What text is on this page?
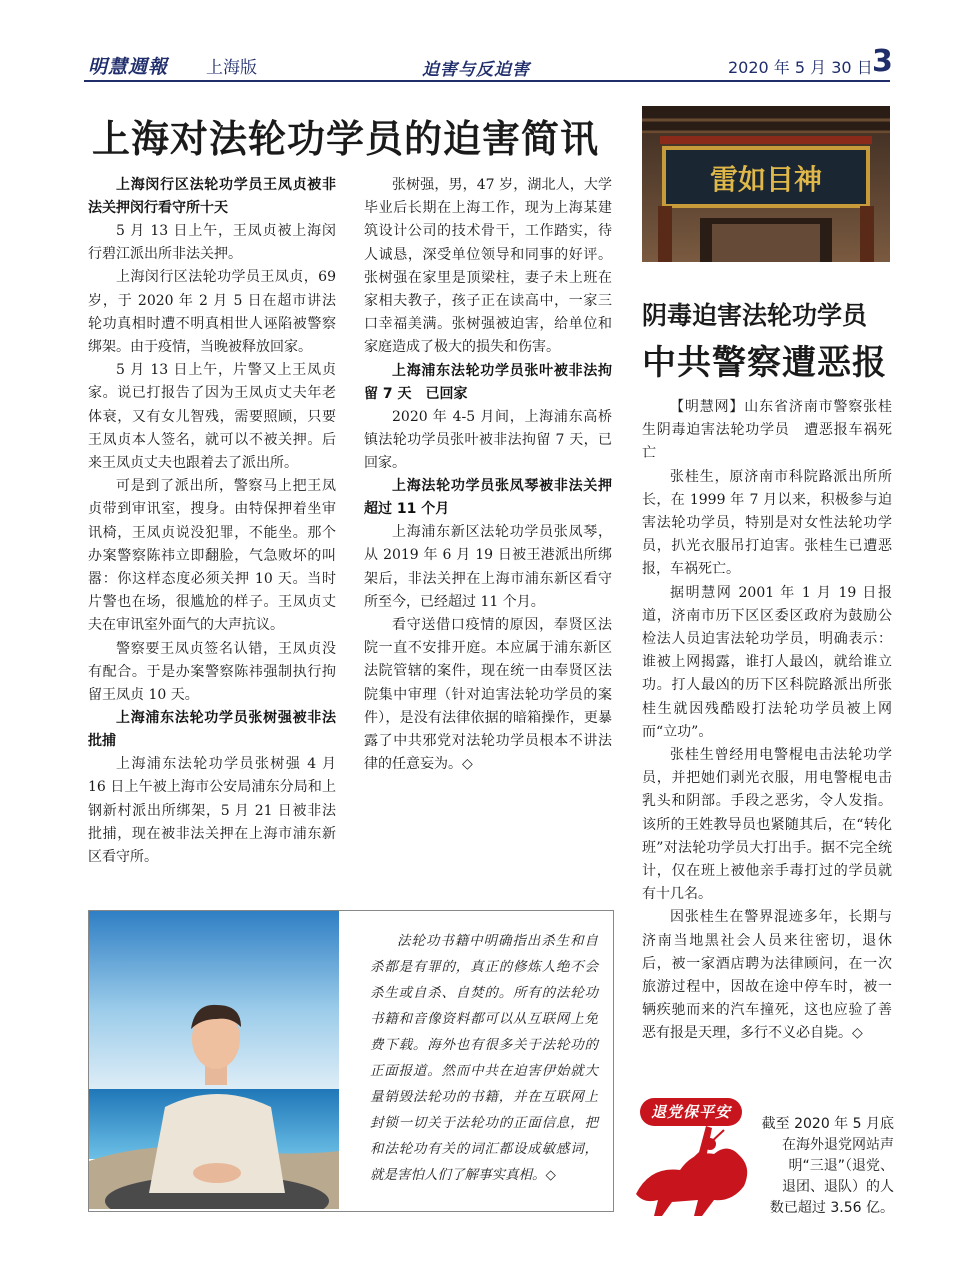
明慧週報 上海版	迫害与反迫害	2020 年 5 月 30 日 3
上海对法轮功学员的迫害简讯
上海闵行区法轮功学员王凤贞被非法关押闵行看守所十天

5 月 13 日上午，王凤贞被上海闵行碧江派出所非法关押。

上海闵行区法轮功学员王凤贞，69 岁，于 2020 年 2 月 5 日在超市讲法轮功真相时遭不明真相世人诬陷被警察绑架。由于疫情，当晚被释放回家。

5 月 13 日上午，片警又上王凤贞家。说已打报告了因为王凤贞丈夫年老体衰，又有女儿智残，需要照顾，只要王凤贞本人签名，就可以不被关押。后来王凤贞丈夫也跟着去了派出所。

可是到了派出所，警察马上把王凤贞带到审讯室，搜身。由特保押着坐审讯椅，王凤贞说没犯罪，不能坐。那个办案警察陈祎立即翻脸，气急败坏的叫嚣：你这样态度必须关押 10 天。当时片警也在场，很尴尬的样子。王凤贞丈夫在审讯室外面气的大声抗议。

警察要王凤贞签名认错，王凤贞没有配合。于是办案警察陈祎强制执行拘留王凤贞 10 天。

上海浦东法轮功学员张树强被非法批捕

上海浦东法轮功学员张树强 4 月 16 日上午被上海市公安局浦东分局和上钢新村派出所绑架，5 月 21 日被非法批捕，现在被非法关押在上海市浦东新区看守所。

张树强，男，47 岁，湖北人，大学毕业后长期在上海工作，现为上海某建筑设计公司的技术骨干，工作踏实，待人诚恳，深受单位领导和同事的好评。张树强在家里是顶梁柱，妻子未上班在家相夫教子，孩子正在读高中，一家三口幸福美满。张树强被迫害，给单位和家庭造成了极大的损失和伤害。

上海浦东法轮功学员张叶被非法拘留 7 天　已回家

2020 年 4-5 月间，上海浦东高桥镇法轮功学员张叶被非法拘留 7 天，已回家。

上海法轮功学员张凤琴被非法关押超过 11 个月

上海浦东新区法轮功学员张凤琴，从 2019 年 6 月 19 日被王港派出所绑架后，非法关押在上海市浦东新区看守所至今，已经超过 11 个月。

看守送借口疫情的原因，奉贤区法院一直不安排开庭。本应属于浦东新区法院管辖的案件，现在统一由奉贤区法院集中审理（针对迫害法轮功学员的案件），是没有法律依据的暗箱操作，更暴露了中共邪党对法轮功学员根本不讲法律的任意妄为。◇

雷如目神
阴毒迫害法轮功学员
中共警察遭恶报

【明慧网】山东省济南市警察张桂生阴毒迫害法轮功学员　遭恶报车祸死亡

张桂生，原济南市科院路派出所所长，在 1999 年 7 月以来，积极参与迫害法轮功学员，特别是对女性法轮功学员，扒光衣服吊打迫害。张桂生已遭恶报，车祸死亡。

据明慧网 2001 年 1 月 19 日报道，济南市历下区区委区政府为鼓励公检法人员迫害法轮功学员，明确表示：谁被上网揭露，谁打人最凶，就给谁立功。打人最凶的历下区科院路派出所张桂生就因残酷殴打法轮功学员被上网而“立功”。

张桂生曾经用电警棍电击法轮功学员，并把她们剥光衣服，用电警棍电击乳头和阴部。手段之恶劣，令人发指。该所的王姓教导员也紧随其后，在“转化班”对法轮功学员大打出手。据不完全统计，仅在班上被他亲手毒打过的学员就有十几名。

因张桂生在警界混迹多年，长期与济南当地黑社会人员来往密切，退休后，被一家酒店聘为法律顾问，在一次旅游过程中，因故在途中停车时，被一辆疾驰而来的汽车撞死，这也应验了善恶有报是天理，多行不义必自毙。◇

法轮功书籍中明确指出杀生和自杀都是有罪的，真正的修炼人绝不会杀生或自杀、自焚的。所有的法轮功书籍和音像资料都可以从互联网上免费下载。海外也有很多关于法轮功的正面报道。然而中共在迫害伊始就大量销毁法轮功的书籍，并在互联网上封锁一切关于法轮功的正面信息，把和法轮功有关的词汇都设成敏感词，就是害怕人们了解事实真相。◇
退党保平安
截至 2020 年 5 月底
在海外退党网站声
明“三退”（退党、
退团、退队）的人
数已超过 3.56 亿。
